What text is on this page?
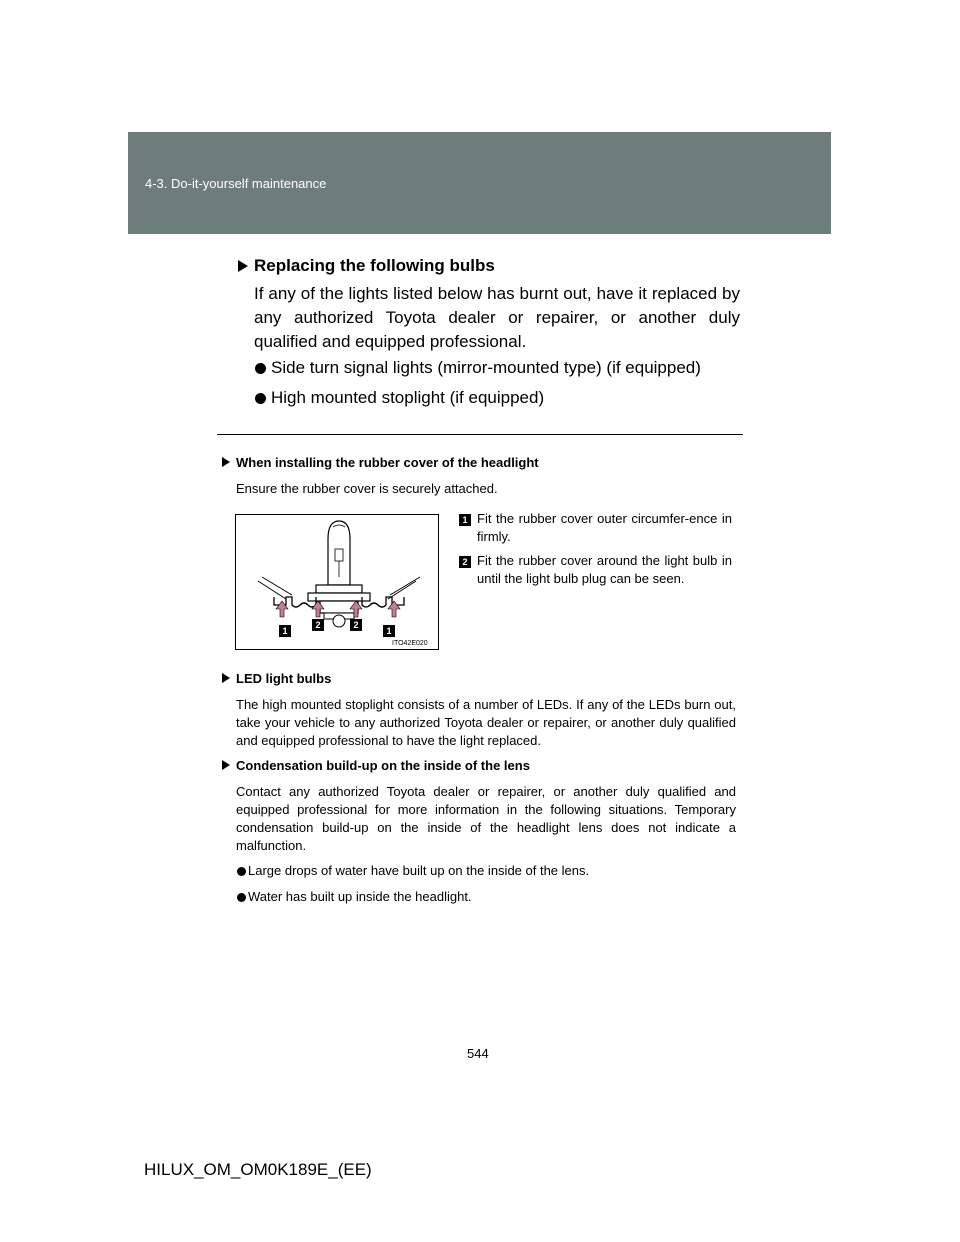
4-3. Do-it-yourself maintenance
Replacing the following bulbs
If any of the lights listed below has burnt out, have it replaced by any authorized Toyota dealer or repairer, or another duly qualified and equipped professional.
Side turn signal lights (mirror-mounted type) (if equipped)
High mounted stoplight (if equipped)
When installing the rubber cover of the headlight
Ensure the rubber cover is securely attached.
1
2	2
1
ITO42E020
1 Fit the rubber cover outer circumfer-ence in firmly.
2 Fit the rubber cover around the light bulb in until the light bulb plug can be seen.
LED light bulbs
The high mounted stoplight consists of a number of LEDs. If any of the LEDs burn out, take your vehicle to any authorized Toyota dealer or repairer, or another duly qualified and equipped professional to have the light replaced.
Condensation build-up on the inside of the lens
Contact any authorized Toyota dealer or repairer, or another duly qualified and equipped professional for more information in the following situations. Temporary condensation build-up on the inside of the headlight lens does not indicate a malfunction.
Large drops of water have built up on the inside of the lens.
Water has built up inside the headlight.
544
HILUX_OM_OM0K189E_(EE)
